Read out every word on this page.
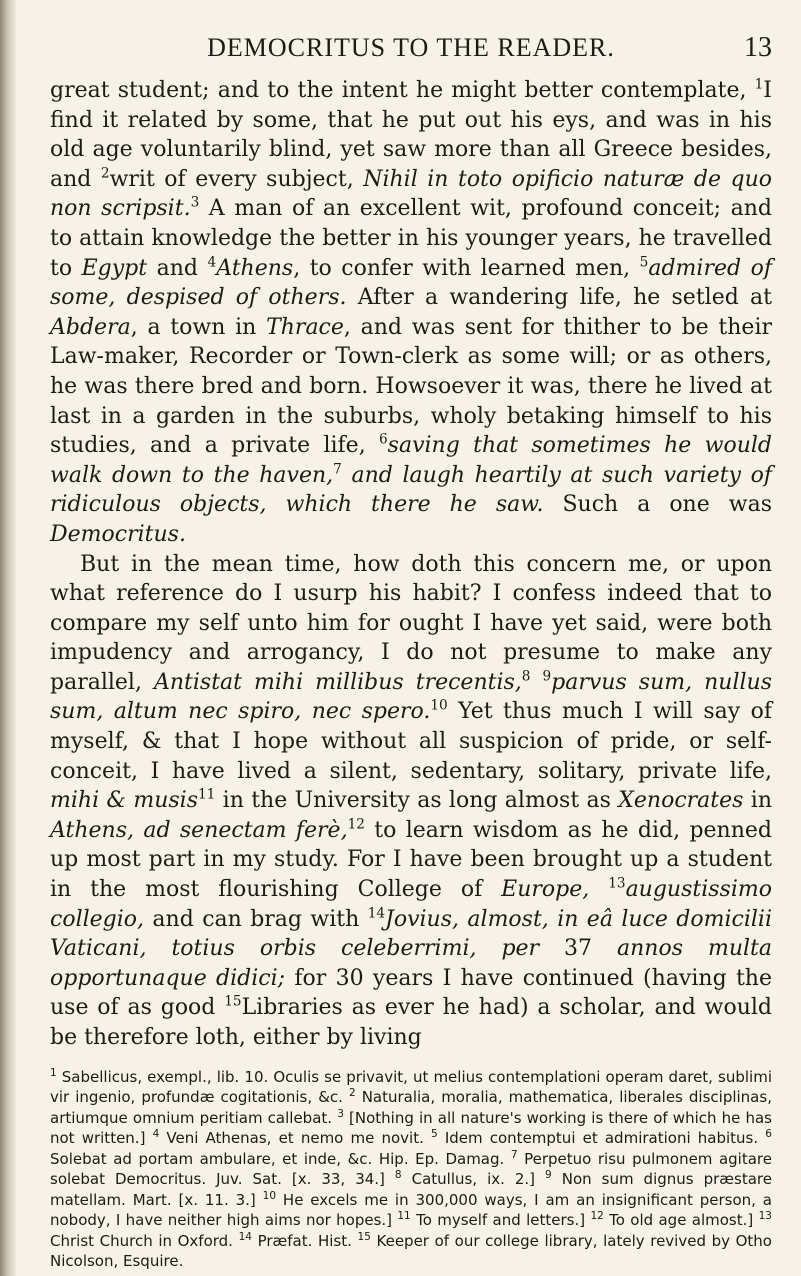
DEMOCRITUS TO THE READER.	13

great student; and to the intent he might better contemplate, $^1$I find it related by some, that he put out his eys, and was in his old age voluntarily blind, yet saw more than all Greece besides, and $^2$writ of every subject, Nihil in toto opificio naturæ de quo non scripsit.$^3$ A man of an excellent wit, profound conceit; and to attain knowledge the better in his younger years, he travelled to Egypt and $^4$Athens, to confer with learned men, $^5$admired of some, despised of others. After a wandering life, he setled at Abdera, a town in Thrace, and was sent for thither to be their Law-maker, Recorder or Town-clerk as some will; or as others, he was there bred and born. Howsoever it was, there he lived at last in a garden in the suburbs, wholy betaking himself to his studies, and a private life, $^6$saving that sometimes he would walk down to the haven,$^7$ and laugh heartily at such variety of ridiculous objects, which there he saw. Such a one was Democritus.

But in the mean time, how doth this concern me, or upon what reference do I usurp his habit? I confess indeed that to compare my self unto him for ought I have yet said, were both impudency and arrogancy, I do not presume to make any parallel, Antistat mihi millibus trecentis,$^8$ $^9$parvus sum, nullus sum, altum nec spiro, nec spero.$^{10}$ Yet thus much I will say of myself, & that I hope without all suspicion of pride, or self-conceit, I have lived a silent, sedentary, solitary, private life, mihi & musis$^{11}$ in the University as long almost as Xenocrates in Athens, ad senectam ferè,$^{12}$ to learn wisdom as he did, penned up most part in my study. For I have been brought up a student in the most flourishing College of Europe, $^{13}$augustissimo collegio, and can brag with $^{14}$Jovius, almost, in eâ luce domicilii Vaticani, totius orbis celeberrimi, per 37 annos multa opportunaque didici; for 30 years I have continued (having the use of as good $^{15}$Libraries as ever he had) a scholar, and would be therefore loth, either by living

$^1$ Sabellicus, exempl., lib. 10. Oculis se privavit, ut melius contemplationi operam daret, sublimi vir ingenio, profundæ cogitationis, &c. $^2$ Naturalia, moralia, mathematica, liberales disciplinas, artiumque omnium peritiam callebat. $^3$ [Nothing in all nature's working is there of which he has not written.] $^4$ Veni Athenas, et nemo me novit. $^5$ Idem contemptui et admirationi habitus. $^6$ Solebat ad portam ambulare, et inde, &c. Hip. Ep. Damag. $^7$ Perpetuo risu pulmonem agitare solebat Democritus. Juv. Sat. [x. 33, 34.] $^8$ Catullus, ix. 2.] $^9$ Non sum dignus præstare matellam. Mart. [x. 11. 3.] $^{10}$ He excels me in 300,000 ways, I am an insignificant person, a nobody, I have neither high aims nor hopes.] $^{11}$ To myself and letters.] $^{12}$ To old age almost.] $^{13}$ Christ Church in Oxford. $^{14}$ Præfat. Hist. $^{15}$ Keeper of our college library, lately revived by Otho Nicolson, Esquire.
